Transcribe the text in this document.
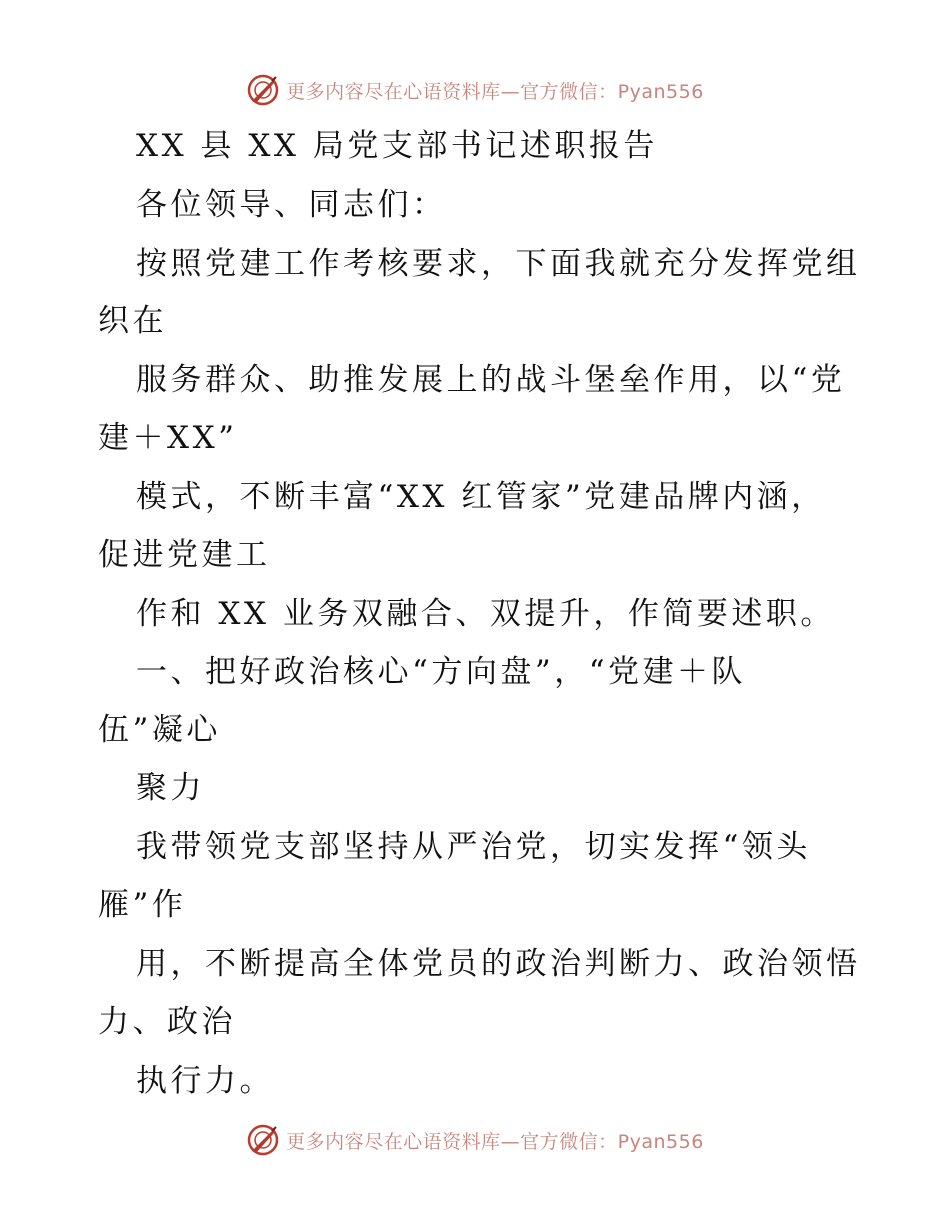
更多内容尽在心语资料库—官方微信：Pyan556
XX 县 XX 局党支部书记述职报告
各位领导、同志们：
按照党建工作考核要求，下面我就充分发挥党组
织在
服务群众、助推发展上的战斗堡垒作用，以“党
建＋XX”
模式，不断丰富“XX 红管家”党建品牌内涵，
促进党建工
作和 XX 业务双融合、双提升，作简要述职。
一、把好政治核心“方向盘”，“党建＋队
伍”凝心
聚力
我带领党支部坚持从严治党，切实发挥“领头
雁”作
用，不断提高全体党员的政治判断力、政治领悟
力、政治
执行力。
更多内容尽在心语资料库—官方微信：Pyan556
